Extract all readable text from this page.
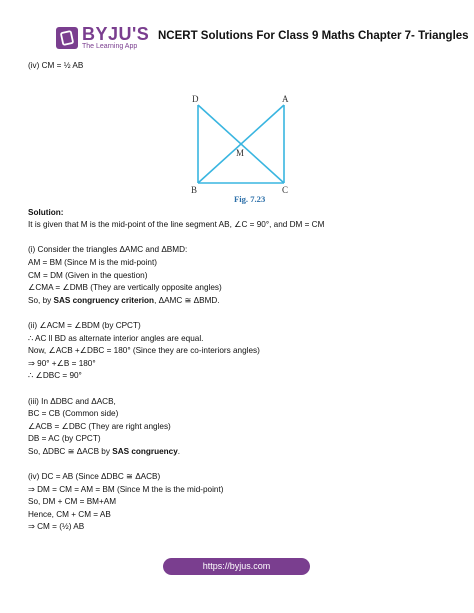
BYJU'S
The Learning App
NCERT Solutions For Class 9 Maths Chapter 7- Triangles
(iv) CM = ½ AB
D	A
M
B	C
Fig. 7.23
Solution:
It is given that M is the mid-point of the line segment AB, ∠C = 90°, and DM = CM
(i) Consider the triangles ΔAMC and ΔBMD:
AM = BM (Since M is the mid-point)
CM = DM (Given in the question)
∠CMA = ∠DMB (They are vertically opposite angles)
So, by SAS congruency criterion, ΔAMC ≅ ΔBMD.
(ii) ∠ACM = ∠BDM (by CPCT)
∴ AC ll BD as alternate interior angles are equal.
Now, ∠ACB +∠DBC = 180° (Since they are co-interiors angles)
⇒ 90° +∠B = 180°
∴ ∠DBC = 90°
(iii) In ΔDBC and ΔACB,
BC = CB (Common side)
∠ACB = ∠DBC (They are right angles)
DB = AC (by CPCT)
So, ΔDBC ≅ ΔACB by SAS congruency.
(iv) DC = AB (Since ΔDBC ≅ ΔACB)
⇒ DM = CM = AM = BM (Since M the is the mid-point)
So, DM + CM = BM+AM
Hence, CM + CM = AB
⇒ CM = (½) AB
https://byjus.com
